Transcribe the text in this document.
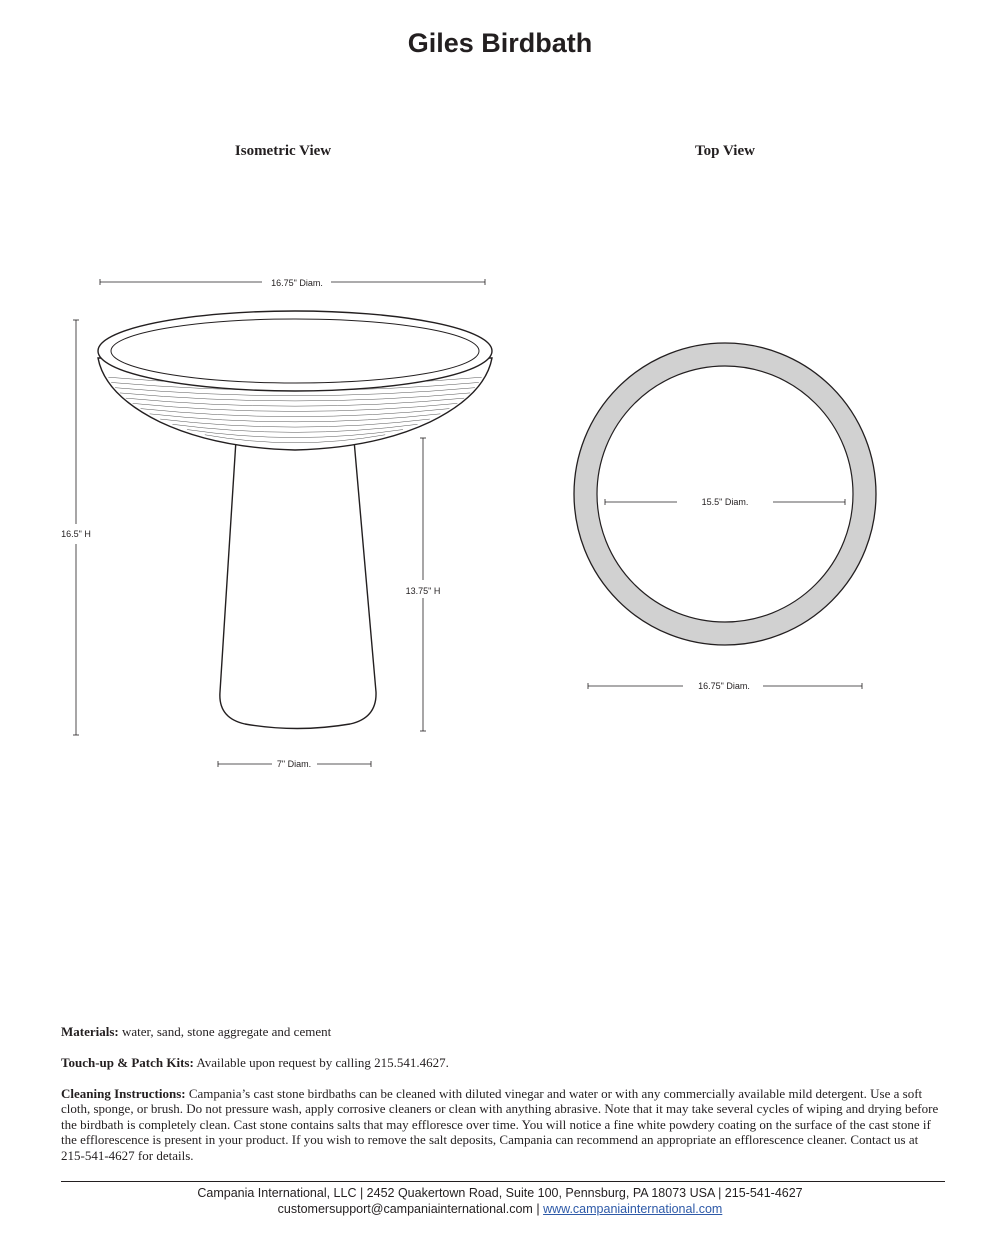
Giles Birdbath
Isometric View	Top View
16.75" Diam.
16.5" H
13.75" H
7" Diam.
15.5" Diam.
16.75" Diam.

Materials: water, sand, stone aggregate and cement

Touch-up & Patch Kits: Available upon request by calling 215.541.4627.

Cleaning Instructions: Campania’s cast stone birdbaths can be cleaned with diluted vinegar and water or with any commercially available mild detergent. Use a soft cloth, sponge, or brush. Do not pressure wash, apply corrosive cleaners or clean with anything abrasive. Note that it may take several cycles of wiping and drying before the birdbath is completely clean. Cast stone contains salts that may effloresce over time. You will notice a fine white powdery coating on the surface of the cast stone if the efflorescence is present in your product. If you wish to remove the salt deposits, Campania can recommend an appropriate an efflorescence cleaner. Contact us at 215-541-4627 for details.

Campania International, LLC | 2452 Quakertown Road, Suite 100, Pennsburg, PA 18073 USA | 215-541-4627
customersupport@campaniainternational.com | www.campaniainternational.com
